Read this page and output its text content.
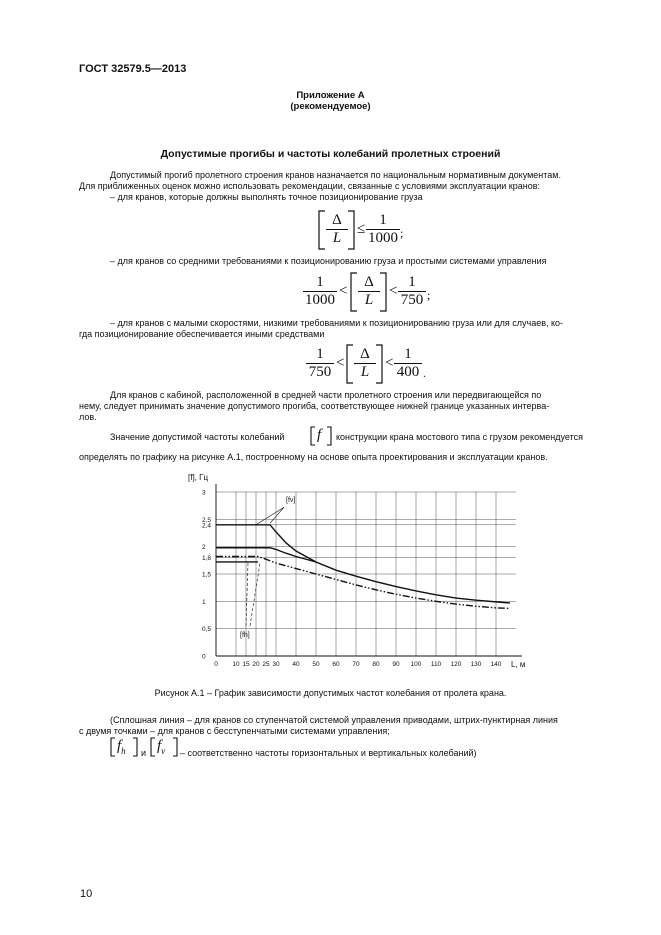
ГОСТ 32579.5—2013
Приложение А
(рекомендуемое)
Допустимые прогибы и частоты колебаний пролетных строений
Допустимый прогиб пролетного строения кранов назначается по национальным нормативным документам.
Для приближенных оценок можно использовать рекомендации, связанные с условиями эксплуатации кранов:
– для кранов, которые должны выполнять точное позиционирование груза
$\frac{\Delta}{L} \le \frac{1}{1000}$ ;
– для кранов со средними требованиями к позиционированию груза и простыми системами управления
$\frac{1}{1000} < \frac{\Delta}{L} < \frac{1}{750}$ ;
– для кранов с малыми скоростями, низкими требованиями к позиционированию груза или для случаев, ко-
гда позиционирование обеспечивается иными средствами
$\frac{1}{750} < \frac{\Delta}{L} < \frac{1}{400}$ .
Для кранов с кабиной, расположенной в средней части пролетного строения или передвигающейся по
нему, следует принимать значение допустимого прогиба, соответствующее нижней границе указанных интерва-
лов.
Значение допустимой частоты колебаний f конструкции крана мостового типа с грузом рекомендуется
определять по графику на рисунке А.1, построенному на основе опыта проектирования и эксплуатации кранов.
0 10 15 20 25 30 40 50 60 70 80 90 100 110 120 130 140
0
0,5
1
1,5
1,8
2
2,4
2,5
3
[f], Гц
L, м
[fv]
[fh]
Рисунок А.1 – График зависимости допустимых частот колебания от пролета крана.
(Сплошная линия – для кранов со ступенчатой системой управления приводами, штрих-пунктирная линия
с двумя точками – для кранов с бесступенчатыми системами управления;
$f_h$ и $f_v$ – соответственно частоты горизонтальных и вертикальных колебаний)
10
